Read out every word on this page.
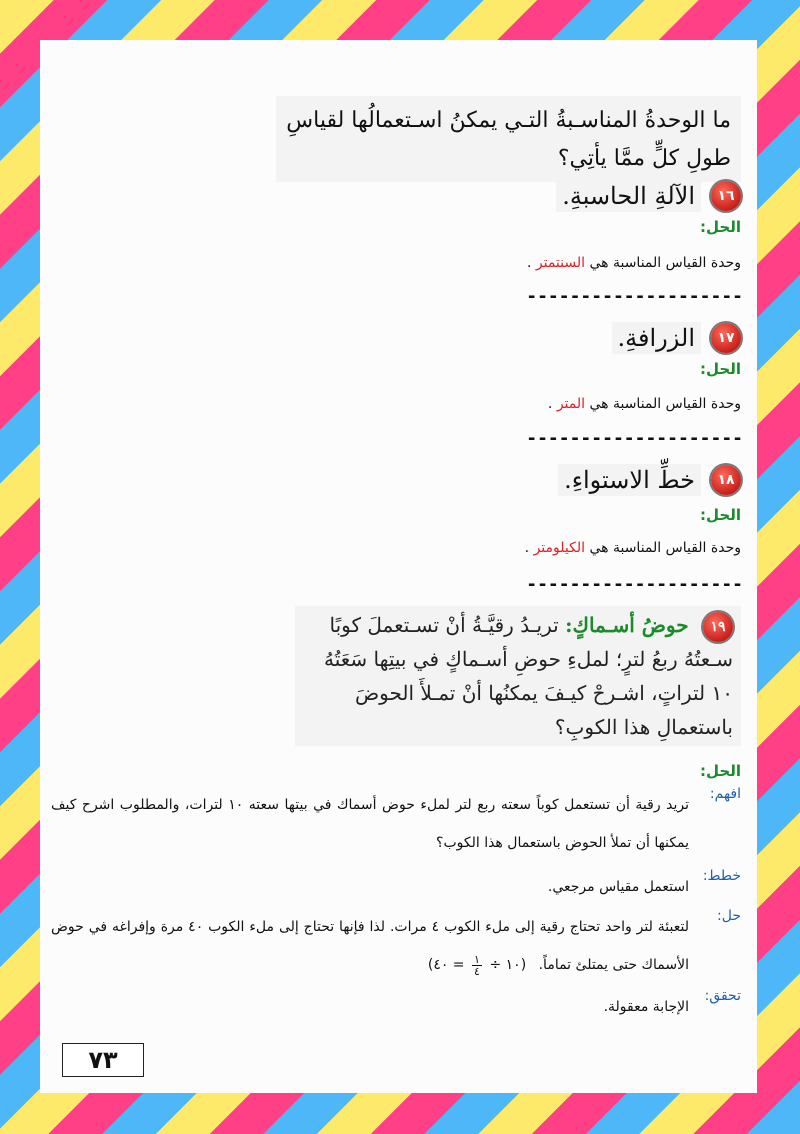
ما الوحدةُ المناسـبةُ التـي يمكنُ اسـتعمالُها لقياسِ طولِ كلٍّ ممَّا يأتِي؟
١٦
الآلةِ الحاسبةِ.
الحل:
وحدة القياس المناسبة هي السنتمتر .
--------------------
١٧
الزرافةِ.
الحل:
وحدة القياس المناسبة هي المتر .
--------------------
١٨
خطِّ الاستواءِ.
الحل:
وحدة القياس المناسبة هي الكيلومتر .
--------------------
١٩ حوضُ أسـماكٍ: تريـدُ رقيَّـةُ أنْ تسـتعملَ كوبًا سـعتُهُ ربعُ لترٍ؛ لملءِ حوضِ أسـماكٍ في بيتِها سَعَتُهُ ١٠ لتراتٍ، اشـرحْ كيـفَ يمكنُها أنْ تمـلأَ الحوضَ باستعمالِ هذا الكوبِ؟
الحل:
افهم:
تريد رقية أن تستعمل كوباً سعته ربع لتر لملء حوض أسماك في بيتها سعته ١٠ لترات، والمطلوب اشرح كيف يمكنها أن تملأ الحوض باستعمال هذا الكوب؟
خطط:
استعمل مقياس مرجعي.
حل:
لتعبئة لتر واحد تحتاج رقية إلى ملء الكوب ٤ مرات. لذا فإنها تحتاج إلى ملء الكوب ٤٠ مرة وإفراغه في حوض الأسماك حتى يمتلئ تماماً. (١٠ ÷
$\frac{١}{٤}$
= ٤٠)
تحقق:
الإجابة معقولة.
٧٣
